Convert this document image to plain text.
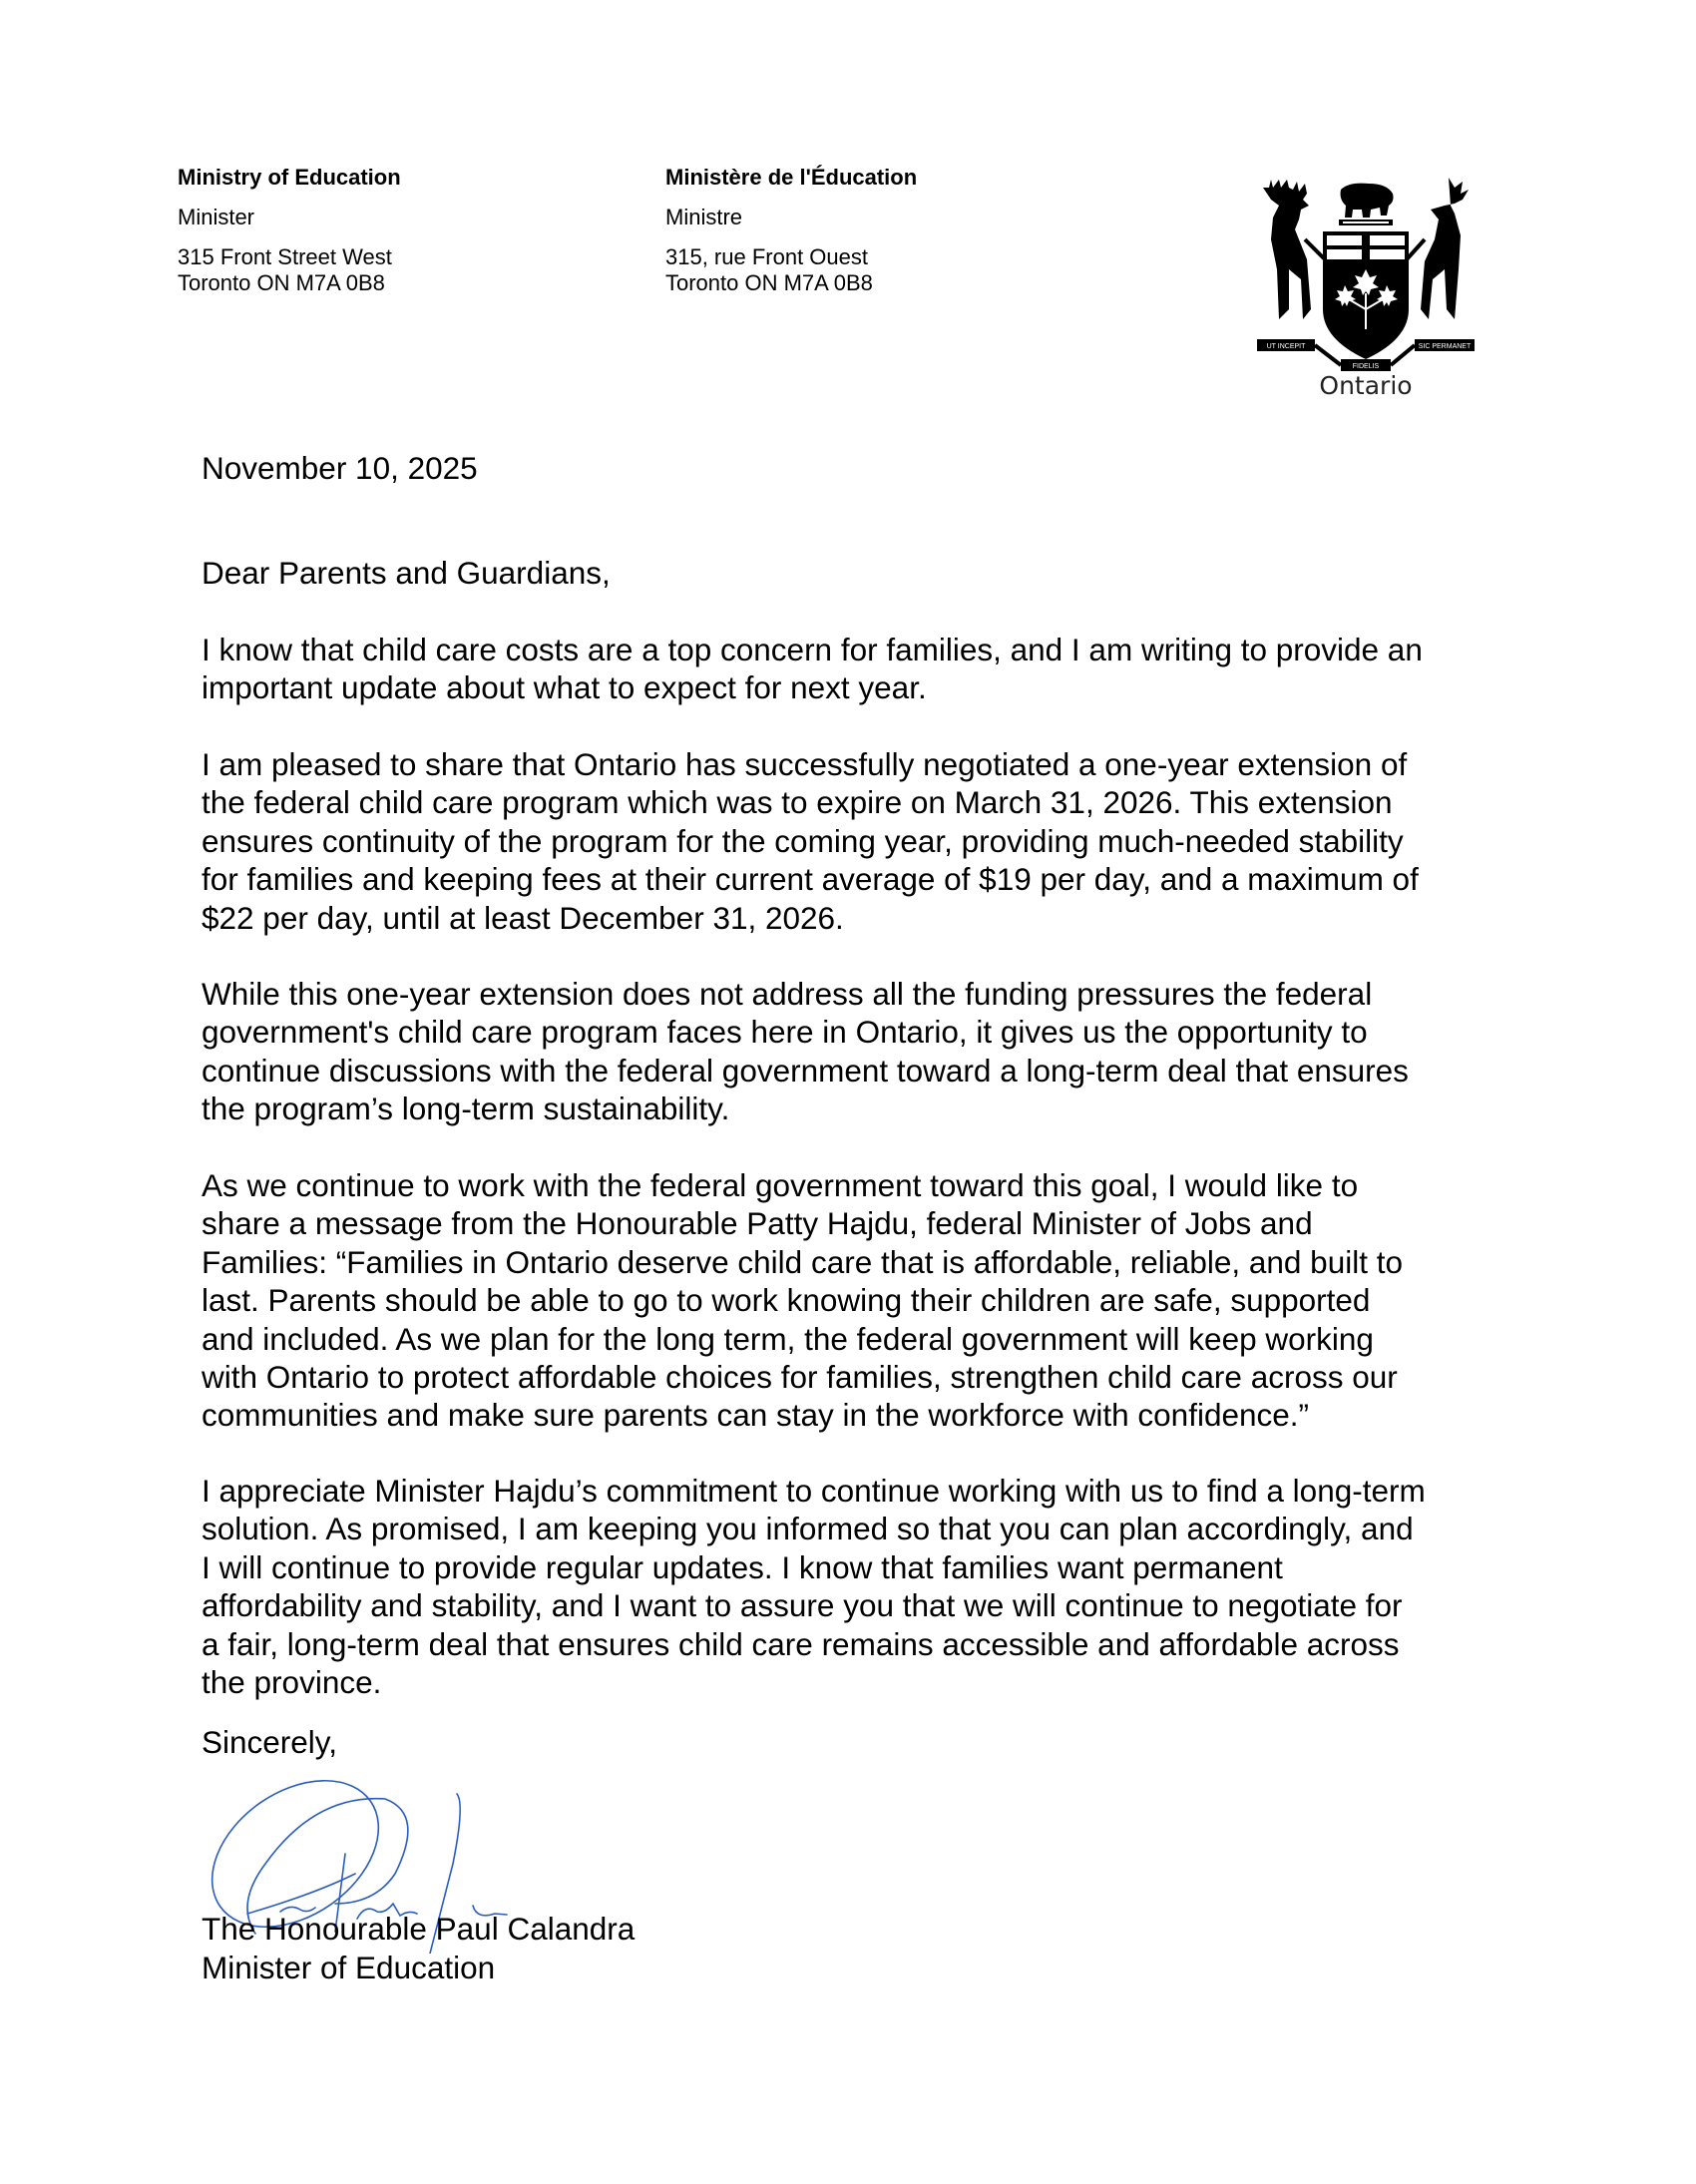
Ministry of Education
Minister
315 Front Street West
Toronto ON M7A 0B8
Ministère de l'Éducation
Ministre
315, rue Front Ouest
Toronto ON M7A 0B8
UT INCEPIT
FIDELIS
SIC PERMANET
Ontario
November 10, 2025
Dear Parents and Guardians,

I know that child care costs are a top concern for families, and I am writing to provide an
important update about what to expect for next year.

I am pleased to share that Ontario has successfully negotiated a one-year extension of
the federal child care program which was to expire on March 31, 2026. This extension
ensures continuity of the program for the coming year, providing much-needed stability
for families and keeping fees at their current average of $19 per day, and a maximum of
$22 per day, until at least December 31, 2026.

While this one-year extension does not address all the funding pressures the federal
government's child care program faces here in Ontario, it gives us the opportunity to
continue discussions with the federal government toward a long-term deal that ensures
the program’s long-term sustainability.

As we continue to work with the federal government toward this goal, I would like to
share a message from the Honourable Patty Hajdu, federal Minister of Jobs and
Families: “Families in Ontario deserve child care that is affordable, reliable, and built to
last. Parents should be able to go to work knowing their children are safe, supported
and included. As we plan for the long term, the federal government will keep working
with Ontario to protect affordable choices for families, strengthen child care across our
communities and make sure parents can stay in the workforce with confidence.”

I appreciate Minister Hajdu’s commitment to continue working with us to find a long-term
solution. As promised, I am keeping you informed so that you can plan accordingly, and
I will continue to provide regular updates. I know that families want permanent
affordability and stability, and I want to assure you that we will continue to negotiate for
a fair, long-term deal that ensures child care remains accessible and affordable across
the province.

Sincerely,
The Honourable Paul Calandra
Minister of Education
